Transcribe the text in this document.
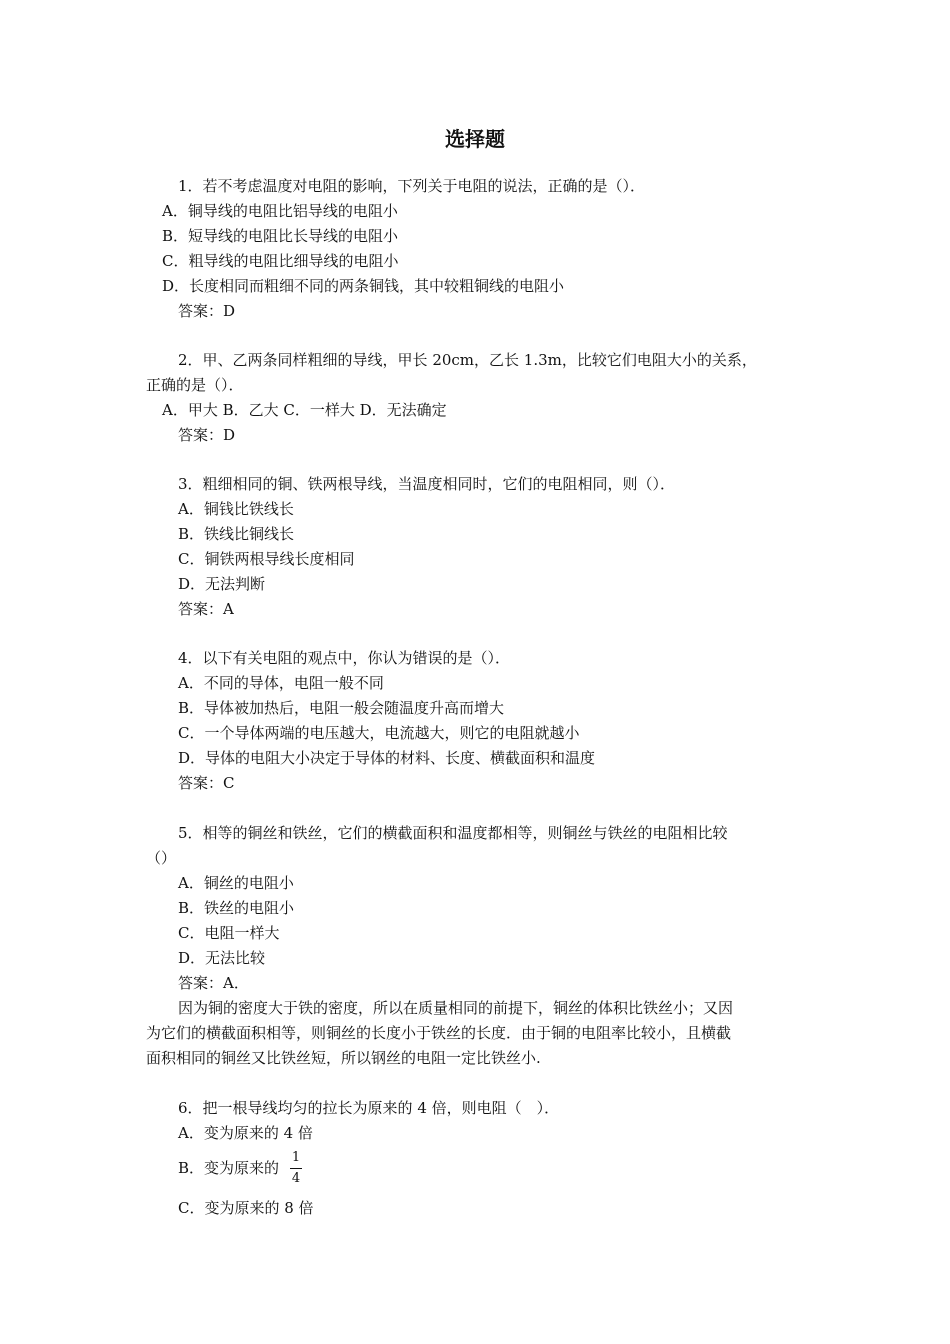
选择题
1．若不考虑温度对电阻的影响，下列关于电阻的说法，正确的是（）．
A．铜导线的电阻比铝导线的电阻小
B．短导线的电阻比长导线的电阻小
C．粗导线的电阻比细导线的电阻小
D．长度相同而粗细不同的两条铜钱，其中较粗铜线的电阻小
答案：D
2．甲、乙两条同样粗细的导线，甲长 20cm，乙长 1.3m，比较它们电阻大小的关系，
正确的是（）．
A．甲大 B．乙大 C．一样大 D．无法确定
答案：D
3．粗细相同的铜、铁两根导线，当温度相同时，它们的电阻相同，则（）．
A．铜钱比铁线长
B．铁线比铜线长
C．铜铁两根导线长度相同
D．无法判断
答案：A
4．以下有关电阻的观点中，你认为错误的是（）．
A．不同的导体，电阻一般不同
B．导体被加热后，电阻一般会随温度升高而增大
C．一个导体两端的电压越大，电流越大，则它的电阻就越小
D．导体的电阻大小决定于导体的材料、长度、横截面积和温度
答案：C
5．相等的铜丝和铁丝，它们的横截面积和温度都相等，则铜丝与铁丝的电阻相比较
（）
A．铜丝的电阻小
B．铁丝的电阻小
C．电阻一样大
D．无法比较
答案：A．
因为铜的密度大于铁的密度，所以在质量相同的前提下，铜丝的体积比铁丝小；又因
为它们的横截面积相等，则铜丝的长度小于铁丝的长度．由于铜的电阻率比较小，且横截
面积相同的铜丝又比铁丝短，所以钢丝的电阻一定比铁丝小.
6．把一根导线均匀的拉长为原来的 4 倍，则电阻（　）．
A．变为原来的 4 倍
B．变为原来的
1
4
C．变为原来的 8 倍
